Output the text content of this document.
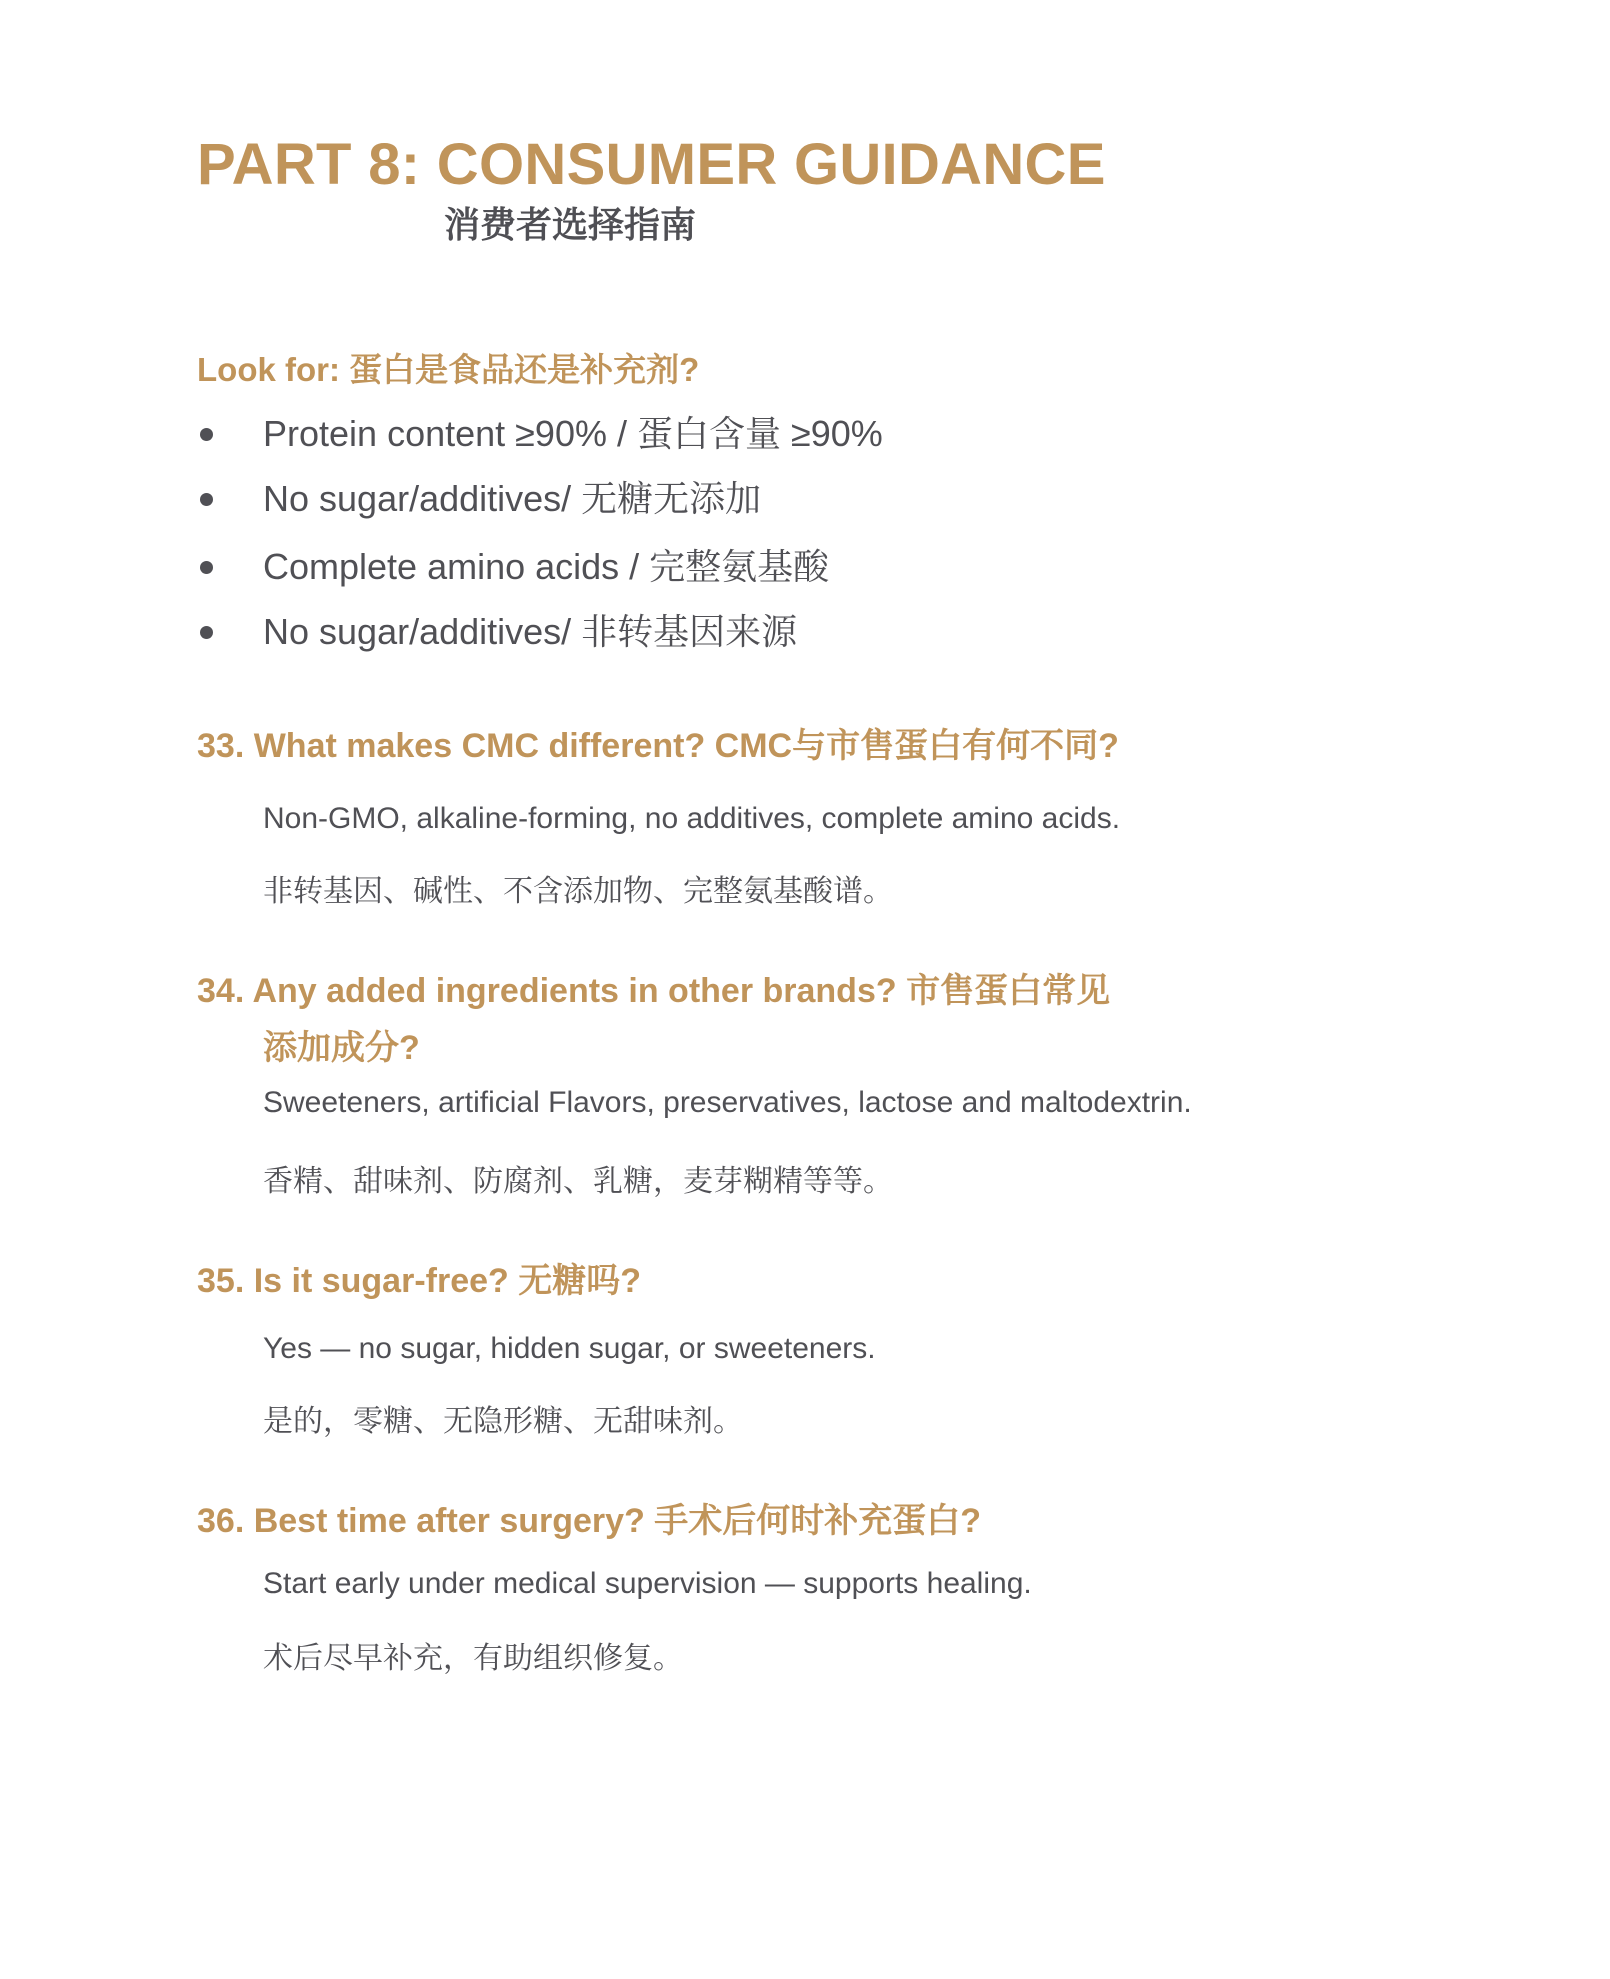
PART 8: CONSUMER GUIDANCE
消费者选择指南
Look for: 蛋白是食品还是补充剂?
Protein content ≥90% / 蛋白含量 ≥90%
No sugar/additives/ 无糖无添加
Complete amino acids / 完整氨基酸
No sugar/additives/ 非转基因来源
33. What makes CMC different? CMC与市售蛋白有何不同?
Non-GMO, alkaline-forming, no additives, complete amino acids.
非转基因、碱性、不含添加物、完整氨基酸谱。
34. Any added ingredients in other brands? 市售蛋白常见
添加成分?
Sweeteners, artificial Flavors, preservatives, lactose and maltodextrin.
香精、甜味剂、防腐剂、乳糖，麦芽糊精等等。
35. Is it sugar-free? 无糖吗?
Yes — no sugar, hidden sugar, or sweeteners.
是的，零糖、无隐形糖、无甜味剂。
36. Best time after surgery? 手术后何时补充蛋白?
Start early under medical supervision — supports healing.
术后尽早补充，有助组织修复。
